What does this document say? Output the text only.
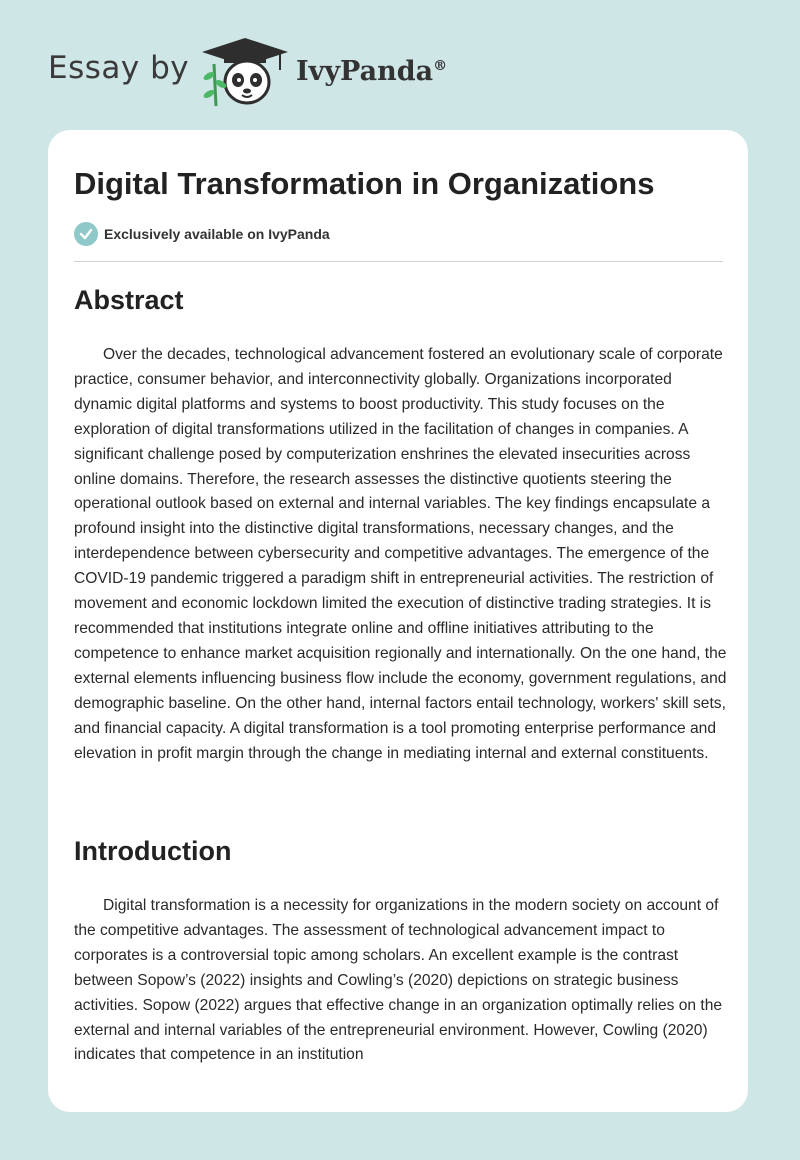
Essay by	IvyPanda®
Digital Transformation in Organizations
Exclusively available on IvyPanda
Abstract

Over the decades, technological advancement fostered an evolutionary scale of corporate practice, consumer behavior, and interconnectivity globally. Organizations incorporated dynamic digital platforms and systems to boost productivity. This study focuses on the exploration of digital transformations utilized in the facilitation of changes in companies. A significant challenge posed by computerization enshrines the elevated insecurities across online domains. Therefore, the research assesses the distinctive quotients steering the operational outlook based on external and internal variables. The key findings encapsulate a profound insight into the distinctive digital transformations, necessary changes, and the interdependence between cybersecurity and competitive advantages. The emergence of the COVID-19 pandemic triggered a paradigm shift in entrepreneurial activities. The restriction of movement and economic lockdown limited the execution of distinctive trading strategies. It is recommended that institutions integrate online and offline initiatives attributing to the competence to enhance market acquisition regionally and internationally. On the one hand, the external elements influencing business flow include the economy, government regulations, and demographic baseline. On the other hand, internal factors entail technology, workers' skill sets, and financial capacity. A digital transformation is a tool promoting enterprise performance and elevation in profit margin through the change in mediating internal and external constituents.

Introduction

Digital transformation is a necessity for organizations in the modern society on account of the competitive advantages. The assessment of technological advancement impact to corporates is a controversial topic among scholars. An excellent example is the contrast between Sopow’s (2022) insights and Cowling’s (2020) depictions on strategic business activities. Sopow (2022) argues that effective change in an organization optimally relies on the external and internal variables of the entrepreneurial environment. However, Cowling (2020) indicates that competence in an institution
